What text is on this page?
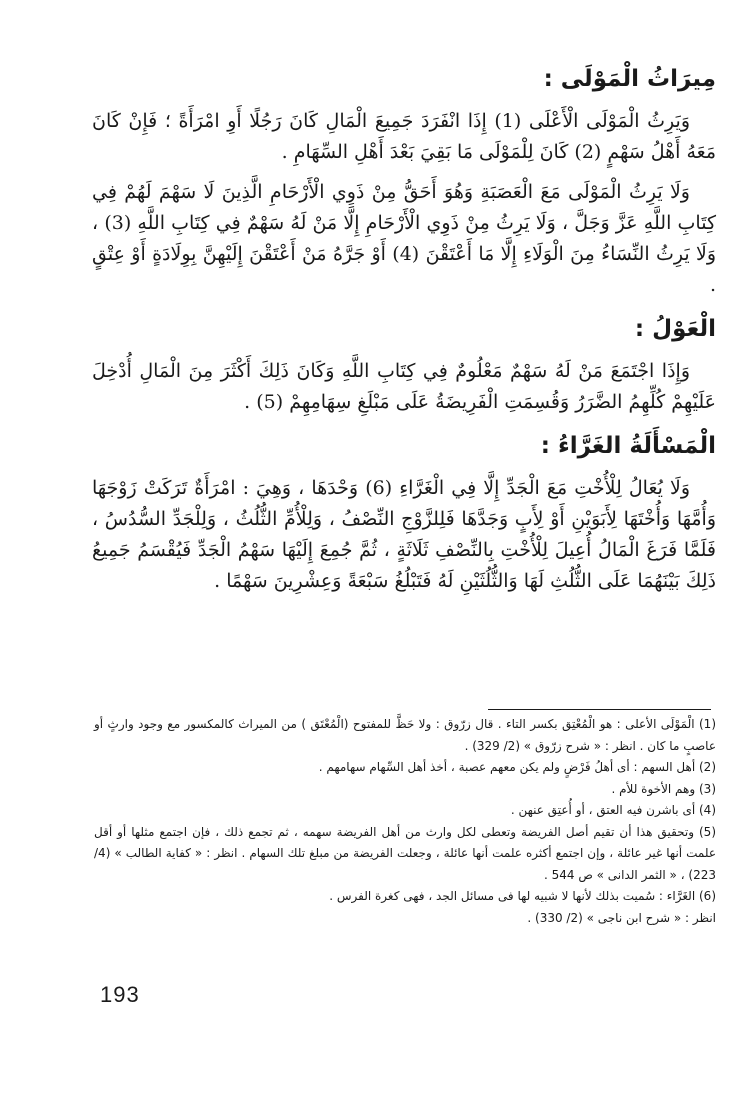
مِيرَاثُ الْمَوْلَى :

وَيَرِثُ الْمَوْلَى الْأَعْلَى (1) إِذَا انْفَرَدَ جَمِيعَ الْمَالِ كَانَ رَجُلًا أَوِ امْرَأَةً ؛ فَإِنْ كَانَ مَعَهُ أَهْلُ سَهْمٍ (2) كَانَ لِلْمَوْلَى مَا بَقِيَ بَعْدَ أَهْلِ السِّهَامِ .

وَلَا يَرِثُ الْمَوْلَى مَعَ الْعَصَبَةِ وَهُوَ أَحَقُّ مِنْ ذَوِي الْأَرْحَامِ الَّذِينَ لَا سَهْمَ لَهُمْ فِي كِتَابِ اللَّهِ عَزَّ وَجَلَّ ، وَلَا يَرِثُ مِنْ ذَوِي الْأَرْحَامِ إِلَّا مَنْ لَهُ سَهْمٌ فِي كِتَابِ اللَّهِ (3) ، وَلَا يَرِثُ النِّسَاءُ مِنَ الْوَلَاءِ إِلَّا مَا أَعْتَقْنَ (4) أَوْ جَرَّهُ مَنْ أَعْتَقْنَ إِلَيْهِنَّ بِوِلَادَةٍ أَوْ عِتْقٍ .

الْعَوْلُ :

وَإِذَا اجْتَمَعَ مَنْ لَهُ سَهْمٌ مَعْلُومٌ فِي كِتَابِ اللَّهِ وَكَانَ ذَلِكَ أَكْثَرَ مِنَ الْمَالِ أُدْخِلَ عَلَيْهِمْ كُلِّهِمُ الضَّرَرُ وَقُسِمَتِ الْفَرِيضَةُ عَلَى مَبْلَغِ سِهَامِهِمْ (5) .

الْمَسْأَلَةُ الغَرَّاءُ :

وَلَا يُعَالُ لِلْأُخْتِ مَعَ الْجَدِّ إِلَّا فِي الْغَرَّاءِ (6) وَحْدَهَا ، وَهِيَ : امْرَأَةٌ تَرَكَتْ زَوْجَهَا وَأُمَّهَا وَأُخْتَهَا لِأَبَوَيْنِ أَوْ لِأَبٍ وَجَدَّهَا فَلِلزَّوْجِ النِّصْفُ ، وَلِلْأُمِّ الثُّلُثُ ، وَلِلْجَدِّ السُّدُسُ ، فَلَمَّا فَرَغَ الْمَالُ أُعِيلَ لِلْأُخْتِ بِالنِّصْفِ ثَلَاثَةٍ ، ثُمَّ جُمِعَ إِلَيْهَا سَهْمُ الْجَدِّ فَيُقْسَمُ جَمِيعُ ذَلِكَ بَيْنَهُمَا عَلَى الثُّلُثِ لَهَا وَالثُّلُثَيْنِ لَهُ فَتَبْلُغُ سَبْعَةً وَعِشْرِينَ سَهْمًا .

(1) الْمَوْلَى الأعلى : هو الْمُعْتِق بكسر التاء . قال زرّوق : ولا حَظَّ للمفتوح (الْمُعْتَق ) من الميراث كالمكسور مع وجود وارثٍ أو عاصبٍ ما كان . انظر : « شرح زرّوق » (2/ 329) .

(2) أهل السهم : أى أهلُ فَرْضٍ ولم يكن معهم عصبة ، أخذ أهل السِّهام سهامهم .

(3) وهم الأخوة للأم .

(4) أى باشرن فيه العتق ، أو أُعتِق عنهن .

(5) وتحقيق هذا أن تقيم أصل الفريضة وتعطى لكل وارث من أهل الفريضة سهمه ، ثم تجمع ذلك ، فإن اجتمع مثلها أو أقل علمت أنها غير عائلة ، وإن اجتمع أكثره علمت أنها عائلة ، وجعلت الفريضة من مبلغ تلك السهام . انظر : « كفاية الطالب » (4/ 223) ، « الثمر الدانى » ص 544 .

(6) الغَرَّاء : سُميت بذلك لأنها لا شبيه لها فى مسائل الجد ، فهى كغرة الفرس .

انظر : « شرح ابن ناجى » (2/ 330) .

193
